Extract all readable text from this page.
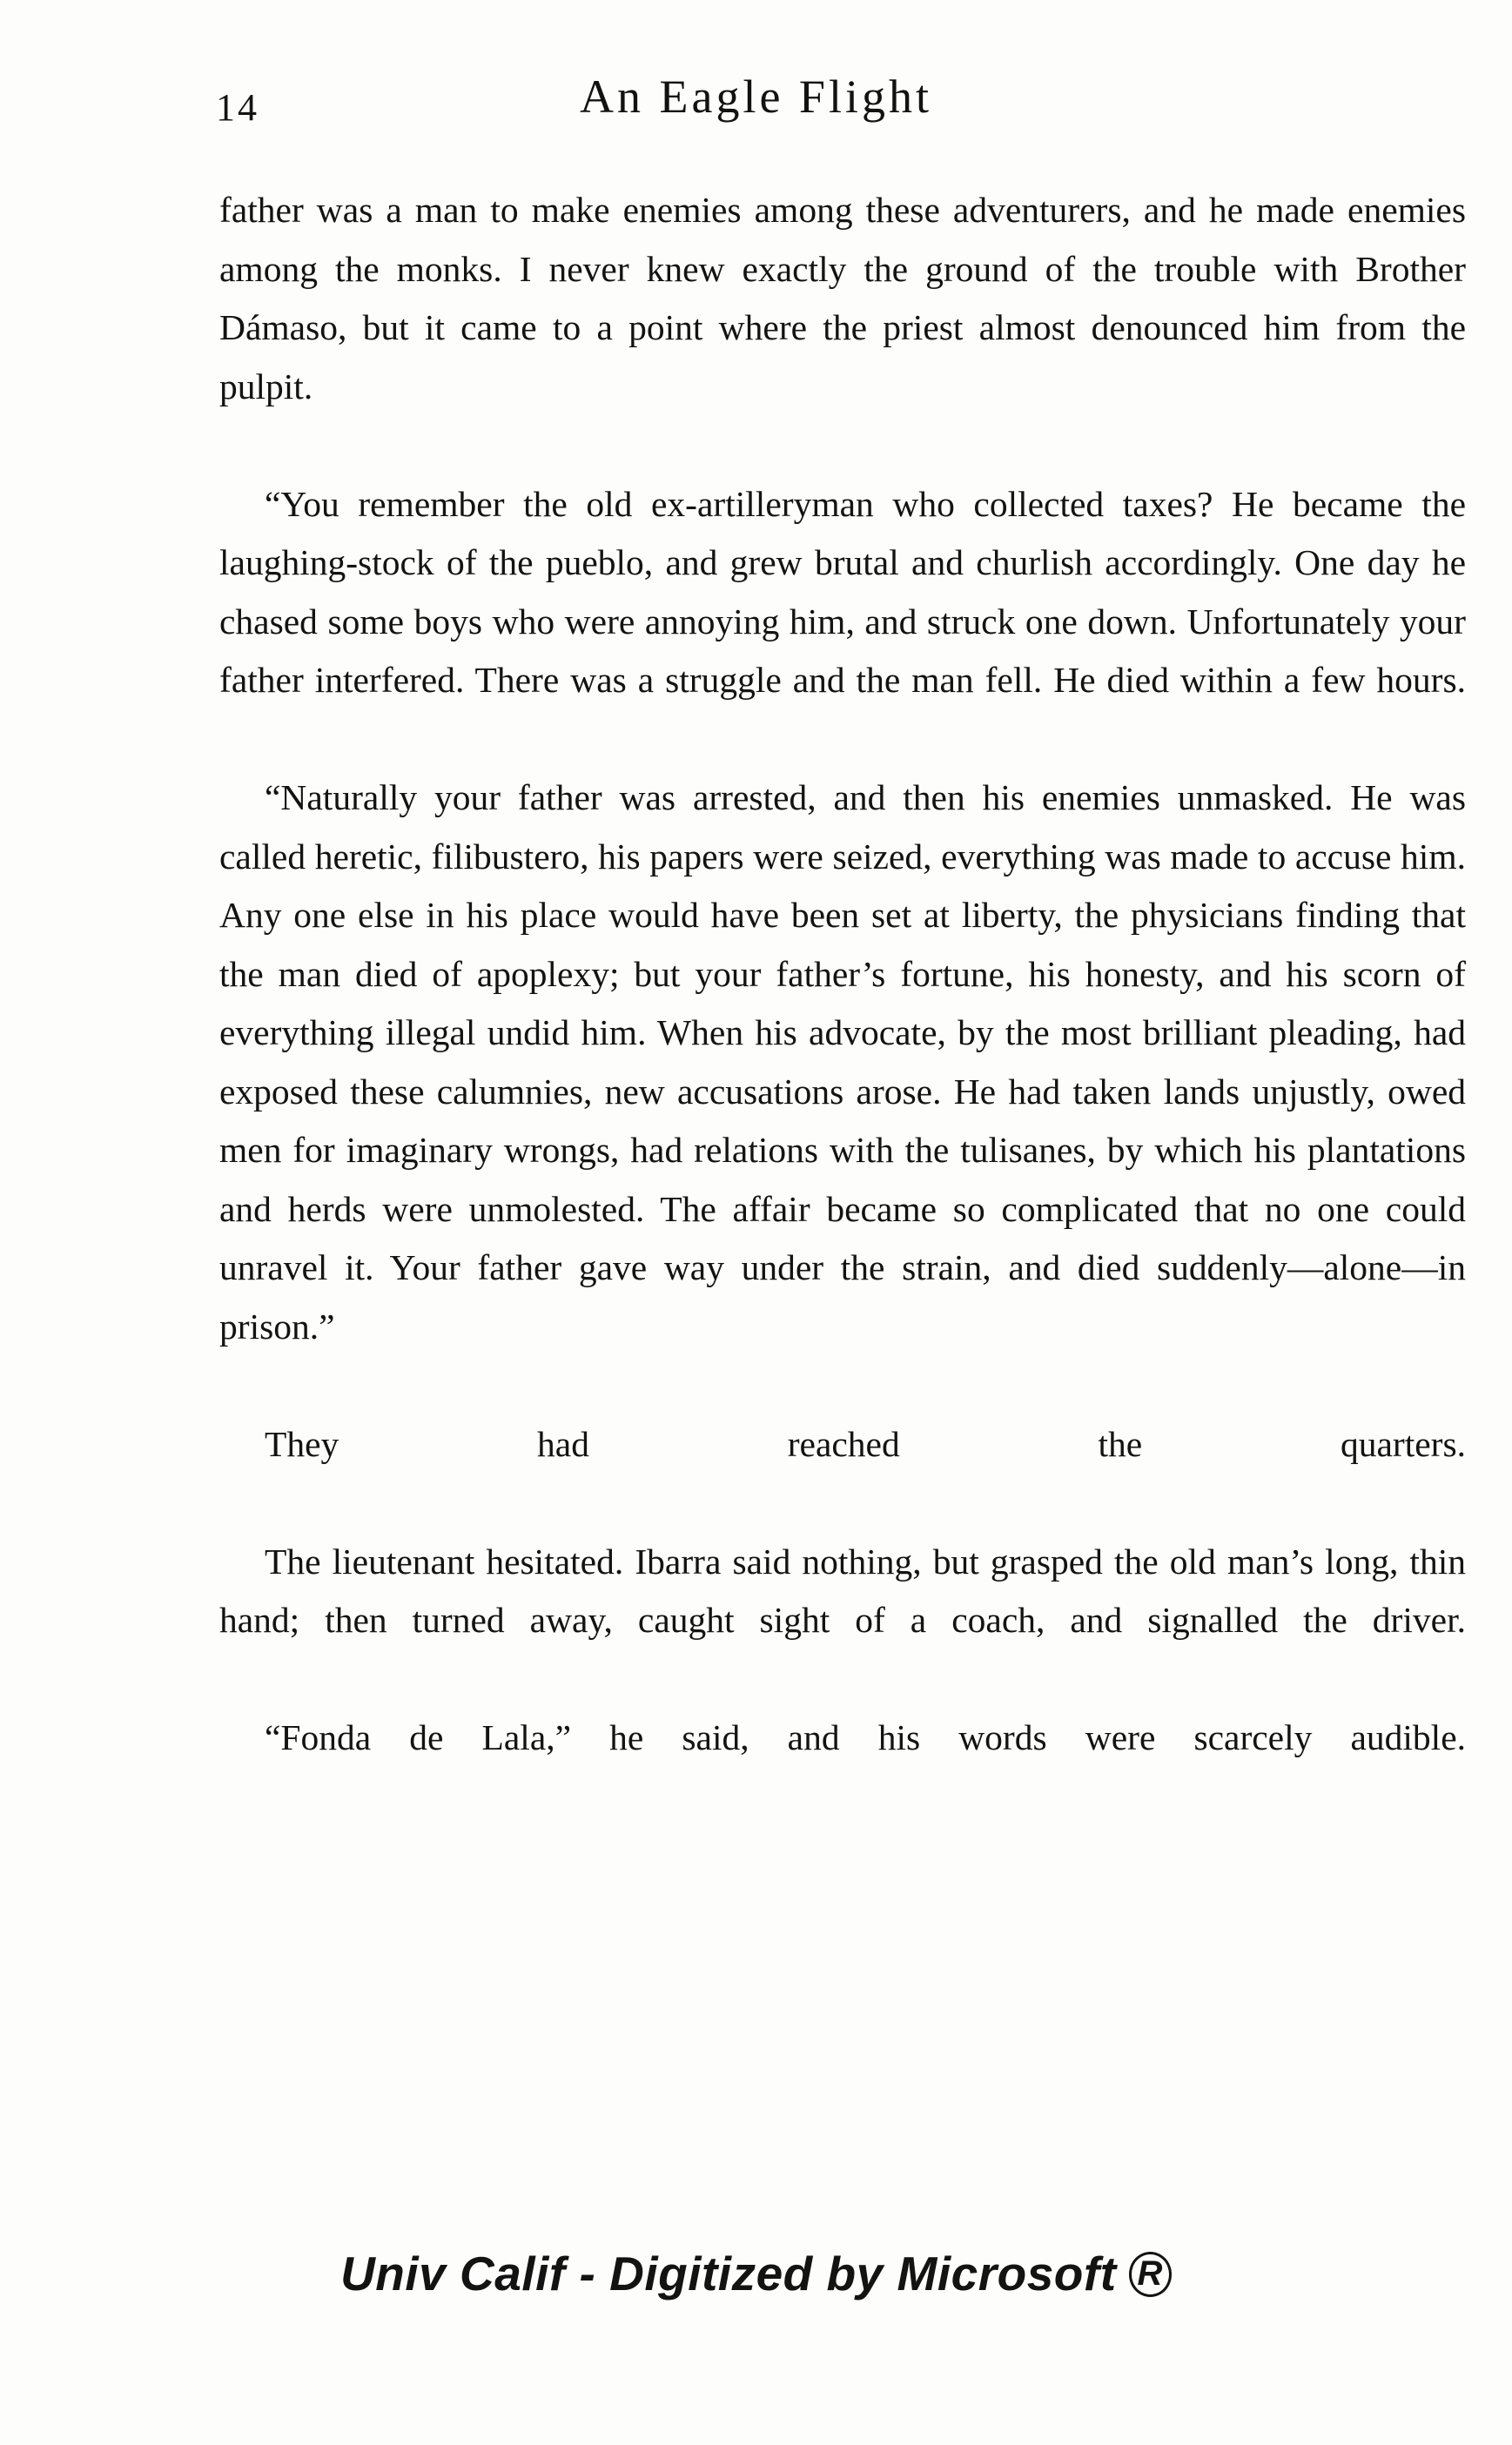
14	An Eagle Flight

father was a man to make enemies among these adventurers, and he made enemies among the monks. I never knew exactly the ground of the trouble with Brother Dámaso, but it came to a point where the priest almost denounced him from the pulpit.

“You remember the old ex-artilleryman who collected taxes? He became the laughing-stock of the pueblo, and grew brutal and churlish accordingly. One day he chased some boys who were annoying him, and struck one down. Unfortunately your father interfered. There was a struggle and the man fell. He died within a few hours.

“Naturally your father was arrested, and then his enemies unmasked. He was called heretic, filibustero, his papers were seized, everything was made to accuse him. Any one else in his place would have been set at liberty, the physicians finding that the man died of apoplexy; but your father’s fortune, his honesty, and his scorn of everything illegal undid him. When his advocate, by the most brilliant pleading, had exposed these calumnies, new accusations arose. He had taken lands unjustly, owed men for imaginary wrongs, had relations with the tulisanes, by which his plantations and herds were unmolested. The affair became so complicated that no one could unravel it. Your father gave way under the strain, and died suddenly—alone—in prison.”

They had reached the quarters.

The lieutenant hesitated. Ibarra said nothing, but grasped the old man’s long, thin hand; then turned away, caught sight of a coach, and signalled the driver.

“Fonda de Lala,” he said, and his words were scarcely audible.

Univ Calif - Digitized by Microsoft R
